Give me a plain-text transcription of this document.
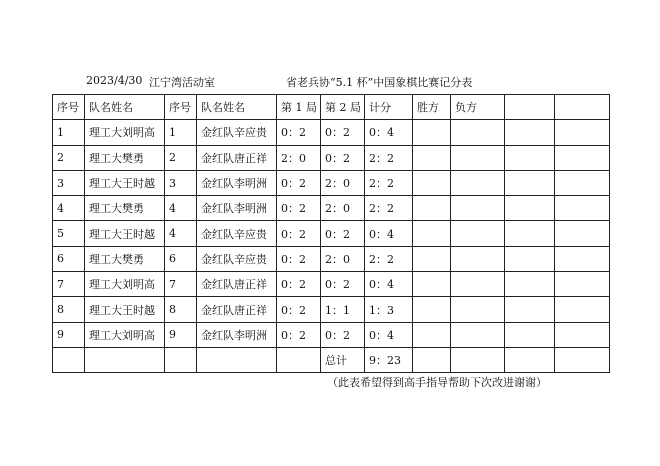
2023/4/30 江宁湾活动室	省老兵协“5.1 杯”中国象棋比赛记分表
序号	队名姓名	序号	队名姓名	第 1 局	第 2 局	计分	胜方	负方		
1	理工大刘明高	1	金红队辛应贵	0：2	0：2	0：4				
2	理工大樊勇	2	金红队唐正祥	2：0	0：2	2：2				
3	理工大王时越	3	金红队李明洲	0：2	2：0	2：2				
4	理工大樊勇	4	金红队李明洲	0：2	2：0	2：2				
5	理工大王时越	4	金红队辛应贵	0：2	0：2	0：4				
6	理工大樊勇	6	金红队辛应贵	0：2	2：0	2：2				
7	理工大刘明高	7	金红队唐正祥	0：2	0：2	0：4				
8	理工大王时越	8	金红队唐正祥	0：2	1：1	1：3				
9	理工大刘明高	9	金红队李明洲	0：2	0：2	0：4				
					总计	9：23				
（此表希望得到高手指导帮助下次改进谢谢）
